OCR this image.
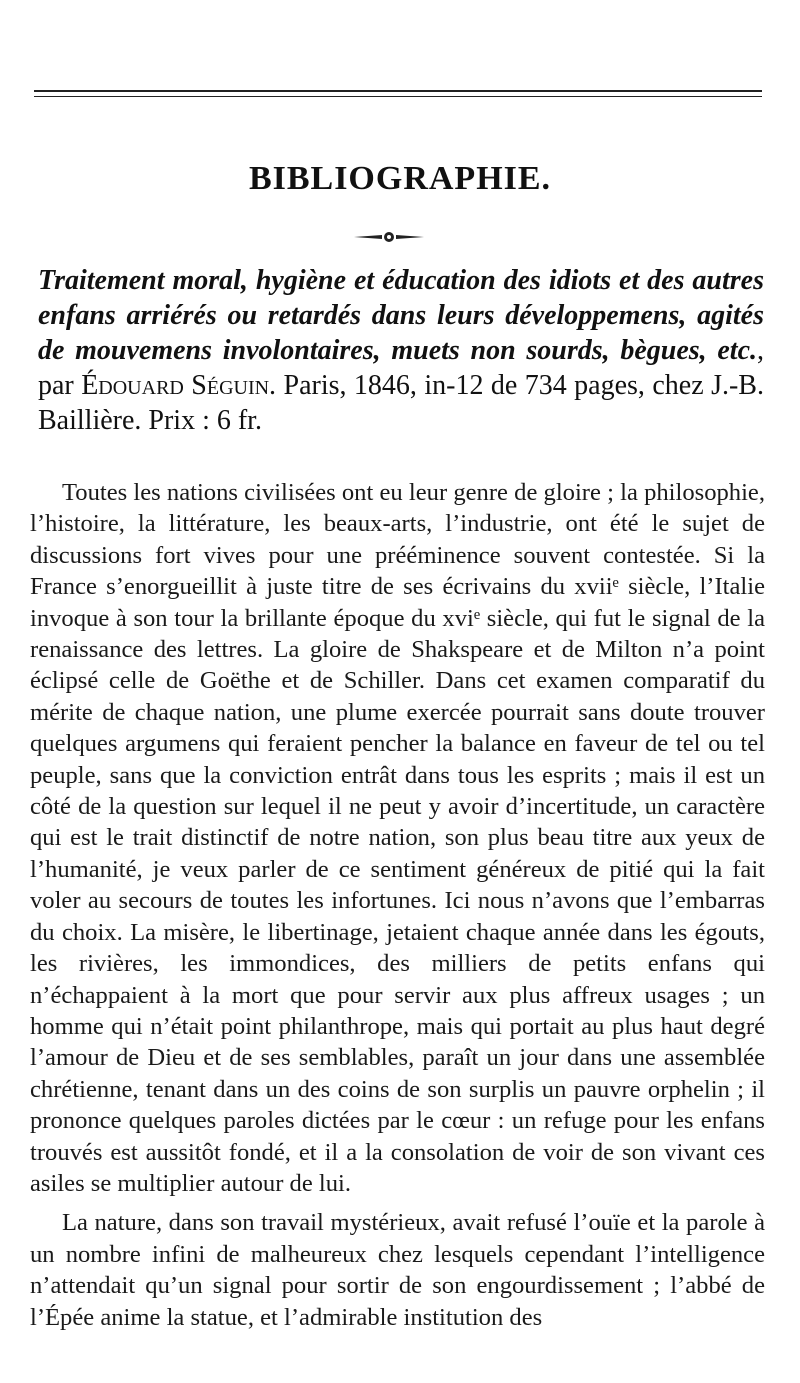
BIBLIOGRAPHIE.
Traitement moral, hygiène et éducation des idiots et des autres enfans arriérés ou retardés dans leurs développemens, agités de mouvemens involontaires, muets non sourds, bègues, etc., par Édouard Séguin. Paris, 1846, in-12 de 734 pages, chez J.-B. Baillière. Prix : 6 fr.

Toutes les nations civilisées ont eu leur genre de gloire ; la philosophie, l’histoire, la littérature, les beaux-arts, l’industrie, ont été le sujet de discussions fort vives pour une prééminence souvent contestée. Si la France s’enorgueillit à juste titre de ses écrivains du xviiᵉ siècle, l’Italie invoque à son tour la brillante époque du xviᵉ siècle, qui fut le signal de la renaissance des lettres. La gloire de Shakspeare et de Milton n’a point éclipsé celle de Goëthe et de Schiller. Dans cet examen comparatif du mérite de chaque nation, une plume exercée pourrait sans doute trouver quelques argumens qui feraient pencher la balance en faveur de tel ou tel peuple, sans que la conviction entrât dans tous les esprits ; mais il est un côté de la question sur lequel il ne peut y avoir d’incertitude, un caractère qui est le trait distinctif de notre nation, son plus beau titre aux yeux de l’humanité, je veux parler de ce sentiment généreux de pitié qui la fait voler au secours de toutes les infortunes. Ici nous n’avons que l’embarras du choix. La misère, le libertinage, jetaient chaque année dans les égouts, les rivières, les immondices, des milliers de petits enfans qui n’échappaient à la mort que pour servir aux plus affreux usages ; un homme qui n’était point philanthrope, mais qui portait au plus haut degré l’amour de Dieu et de ses semblables, paraît un jour dans une assemblée chrétienne, tenant dans un des coins de son surplis un pauvre orphelin ; il prononce quelques paroles dictées par le cœur : un refuge pour les enfans trouvés est aussitôt fondé, et il a la consolation de voir de son vivant ces asiles se multiplier autour de lui.

La nature, dans son travail mystérieux, avait refusé l’ouïe et la parole à un nombre infini de malheureux chez lesquels cependant l’intelligence n’attendait qu’un signal pour sortir de son engourdissement ; l’abbé de l’Épée anime la statue, et l’admirable institution des
